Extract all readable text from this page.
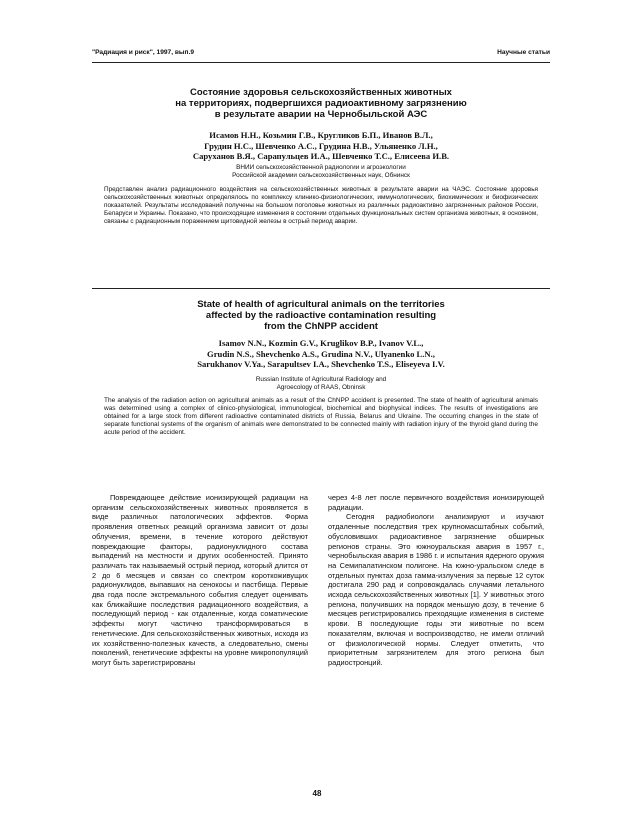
"Радиация и риск", 1997, вып.9	Научные статьи

Состояние здоровья сельскохозяйственных животных

на территориях, подвергшихся радиоактивному загрязнению

в результате аварии на Чернобыльской АЭС

Исамов Н.Н., Козьмин Г.В., Кругликов Б.П., Иванов В.Л.,

Грудин Н.С., Шевченко А.С., Грудина Н.В., Ульяненко Л.Н.,

Саруханов В.Я., Сарапульцев И.А., Шевченко Т.С., Елисеева И.В.

ВНИИ сельскохозяйственной радиологии и агроэкологии

Российской академии сельскохозяйственных наук, Обнинск

Представлен анализ радиационного воздействия на сельскохозяйственных животных в результате аварии на ЧАЭС. Состояние здоровья сельскохозяйственных животных определялось по комплексу клинико-физиологических, иммунологических, биохимических и биофизических показателей. Результаты исследований получены на большом поголовье животных из различных радиоактивно загрязненных районов России, Беларуси и Украины. Показано, что происходящие изменения в состоянии отдельных функциональных систем организма животных, в основном, связаны с радиационным поражением щитовидной железы в острый период аварии.

State of health of agricultural animals on the territories

affected by the radioactive contamination resulting

from the ChNPP accident

Isamov N.N., Kozmin G.V., Kruglikov B.P., Ivanov V.L.,

Grudin N.S., Shevchenko A.S., Grudina N.V., Ulyanenko L.N.,

Sarukhanov V.Ya., Sarapultsev I.A., Shevchenko T.S., Eliseyeva I.V.

Russian Institute of Agricultural Radiology and

Agroecology of RAAS, Obninsk

The analysis of the radiation action on agricultural animals as a result of the ChNPP accident is presented. The state of health of agricultural animals was determined using a complex of clinico-physiological, immunological, biochemical and biophysical indices. The results of investigations are obtained for a large stock from different radioactive contaminated districts of Russia, Belarus and Ukraine. The occurring changes in the state of separate functional systems of the organism of animals were demonstrated to be connected mainly with radiation injury of the thyroid gland during the acute period of the accident.

Повреждающее действие ионизирующей радиации на организм сельскохозяйственных животных проявляется в виде различных патологических эффектов. Форма проявления ответных реакций организма зависит от дозы облучения, времени, в течение которого действуют повреждающие факторы, радионуклидного состава выпадений на местности и других особенностей. Принято различать так называемый острый период, который длится от 2 до 6 месяцев и связан со спектром короткоживущих радионуклидов, выпавших на сенокосы и пастбища. Первые два года после экстремального события следует оценивать как ближайшие последствия радиационного воздействия, а последующий период - как отдаленные, когда соматические эффекты могут частично трансформироваться в генетические. Для сельскохозяйственных животных, исходя из их хозяйственно-полезных качеств, а следовательно, смены поколений, генетические эффекты на уровне микропопуляций могут быть зарегистрированы

через 4-8 лет после первичного воздействия ионизирующей радиации.

Сегодня радиобиологи анализируют и изучают отдаленные последствия трех крупномасштабных событий, обусловивших радиоактивное загрязнение обширных регионов страны. Это южноуральская авария в 1957 г., чернобыльская авария в 1986 г. и испытания ядерного оружия на Семипалатинском полигоне. На южно-уральском следе в отдельных пунктах доза гамма-излучения за первые 12 суток достигала 290 рад и сопровождалась случаями летального исхода сельскохозяйственных животных [1]. У животных этого региона, получивших на порядок меньшую дозу, в течение 6 месяцев регистрировались преходящие изменения в системе крови. В последующие годы эти животные по всем показателям, включая и воспроизводство, не имели отличий от физиологической нормы. Следует отметить, что приоритетным загрязнителем для этого региона был радиостронций.

48
